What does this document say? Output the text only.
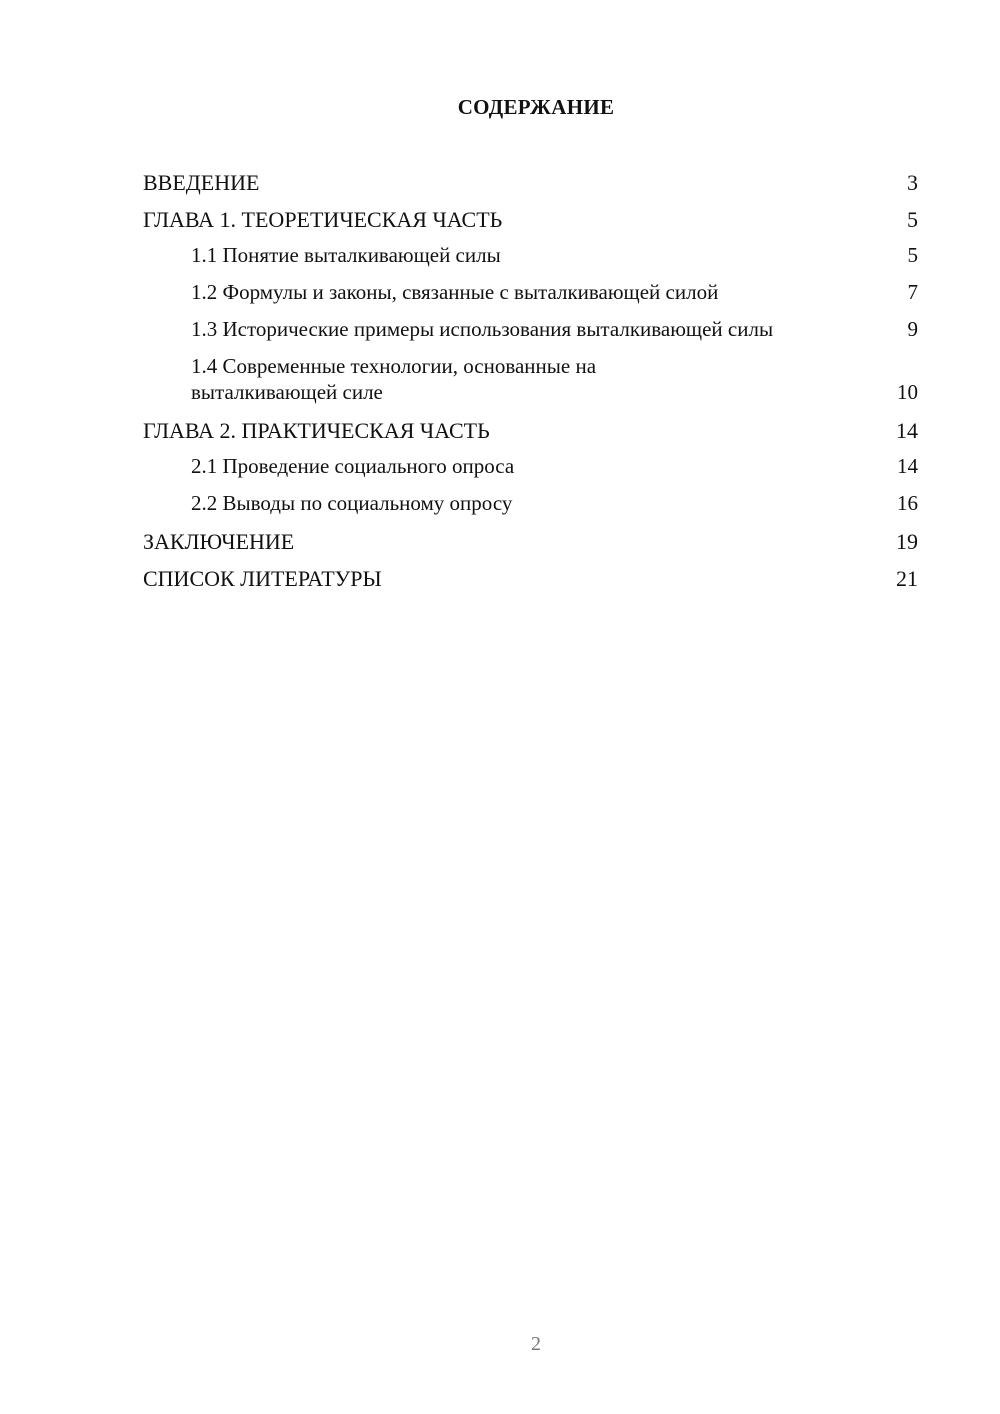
СОДЕРЖАНИЕ
ВВЕДЕНИЕ	3
ГЛАВА 1. ТЕОРЕТИЧЕСКАЯ ЧАСТЬ	5
1.1 Понятие выталкивающей силы	5
1.2 Формулы и законы, связанные с выталкивающей силой	7
1.3 Исторические примеры использования выталкивающей силы	9
1.4 Современные технологии, основанные на выталкивающей силе	10
ГЛАВА 2. ПРАКТИЧЕСКАЯ ЧАСТЬ	14
2.1 Проведение социального опроса	14
2.2 Выводы по социальному опросу	16
ЗАКЛЮЧЕНИЕ	19
СПИСОК ЛИТЕРАТУРЫ	21
2
